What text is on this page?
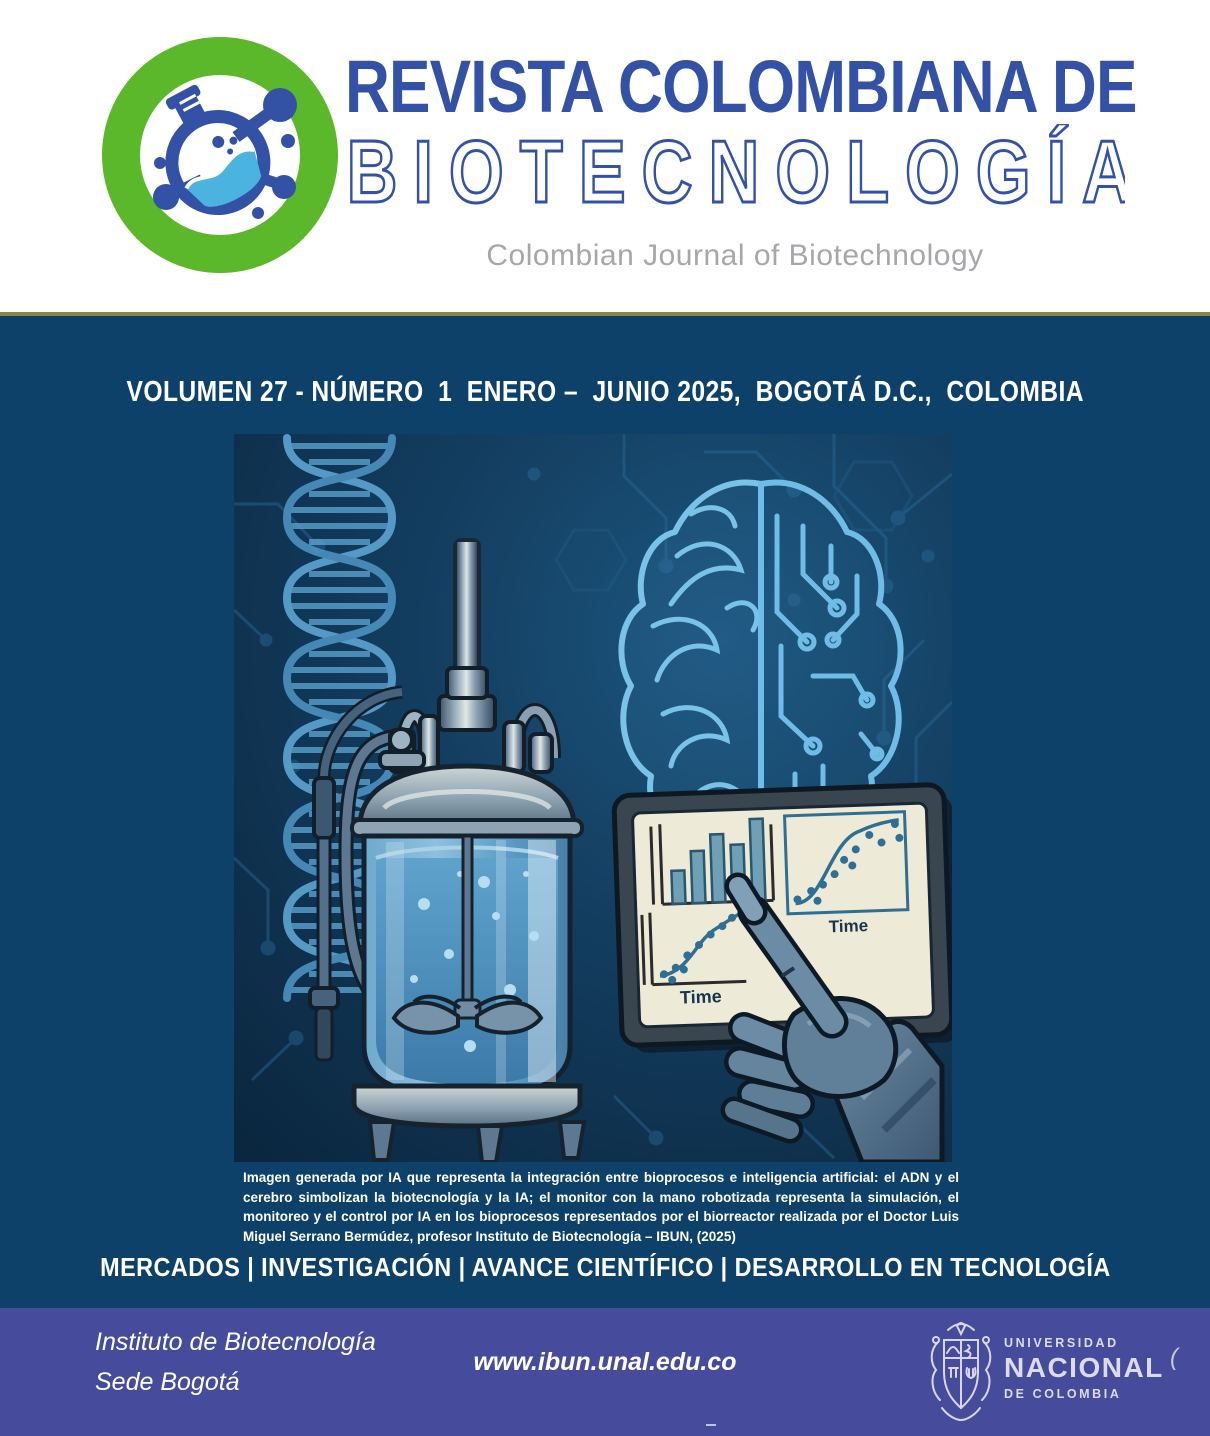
REVISTA COLOMBIANA DE
BIOTECNOLOGÍA
Colombian Journal of Biotechnology
VOLUMEN 27 - NÚMERO  1  ENERO –  JUNIO 2025,  BOGOTÁ D.C.,  COLOMBIA
Time
Time
Imagen generada por IA que representa la integración entre bioprocesos e inteligencia artificial: el ADN y el cerebro simbolizan la biotecnología y la IA; el monitor con la mano robotizada representa la simulación, el monitoreo y el control por IA en los bioprocesos representados por el biorreactor realizada por el Doctor Luis Miguel Serrano Bermúdez, profesor Instituto de Biotecnología – IBUN, (2025)
MERCADOS | INVESTIGACIÓN | AVANCE CIENTÍFICO | DESARROLLO EN TECNOLOGÍA
Instituto de Biotecnología
Sede Bogotá
www.ibun.unal.edu.co
UNIVERSIDAD
NACIONAL
DE COLOMBIA
(
